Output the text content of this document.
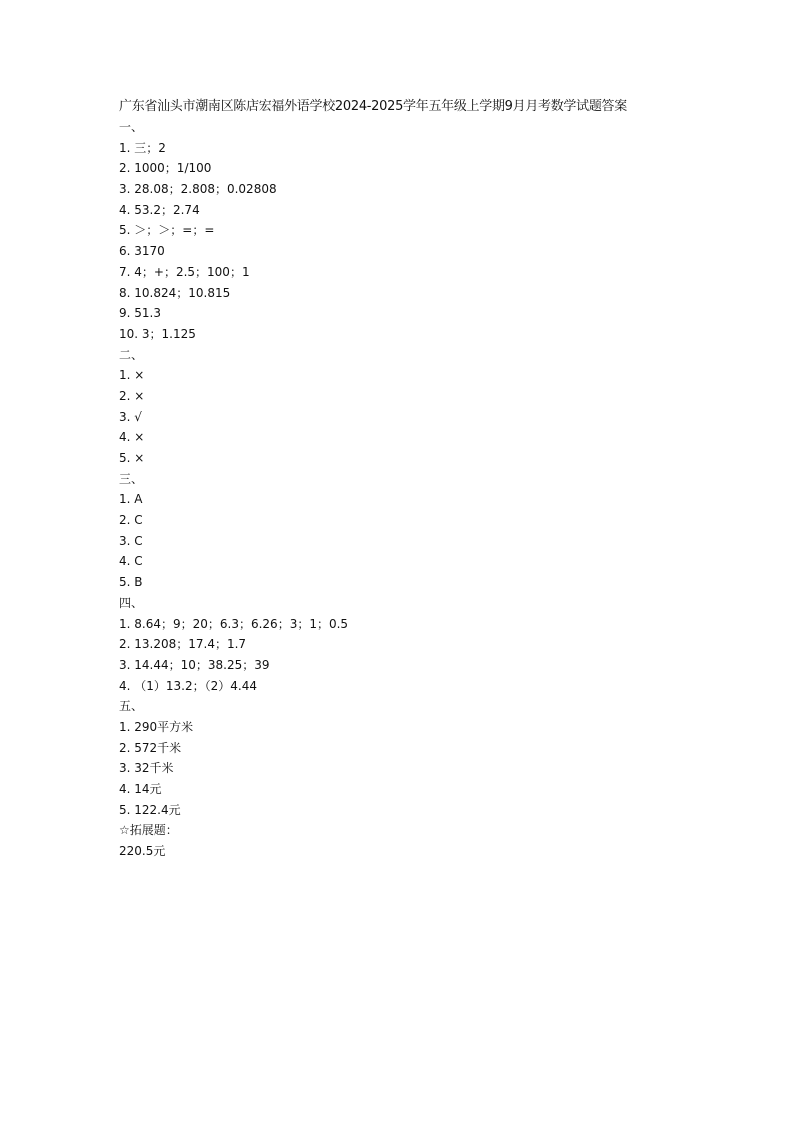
广东省汕头市潮南区陈店宏福外语学校2024-2025学年五年级上学期9月月考数学试题答案
一、
1. 三；2
2. 1000；1/100
3. 28.08；2.808；0.02808
4. 53.2；2.74
5. ＞；＞；=；=
6. 3170
7. 4；+；2.5；100；1
8. 10.824；10.815
9. 51.3
10. 3；1.125
二、
1. ×
2. ×
3. √
4. ×
5. ×
三、
1. A
2. C
3. C
4. C
5. B
四、
1. 8.64；9；20；6.3；6.26；3；1；0.5
2. 13.208；17.4；1.7
3. 14.44；10；38.25；39
4. （1）13.2；（2）4.44
五、
1. 290平方米
2. 572千米
3. 32千米
4. 14元
5. 122.4元
☆拓展题：
220.5元
